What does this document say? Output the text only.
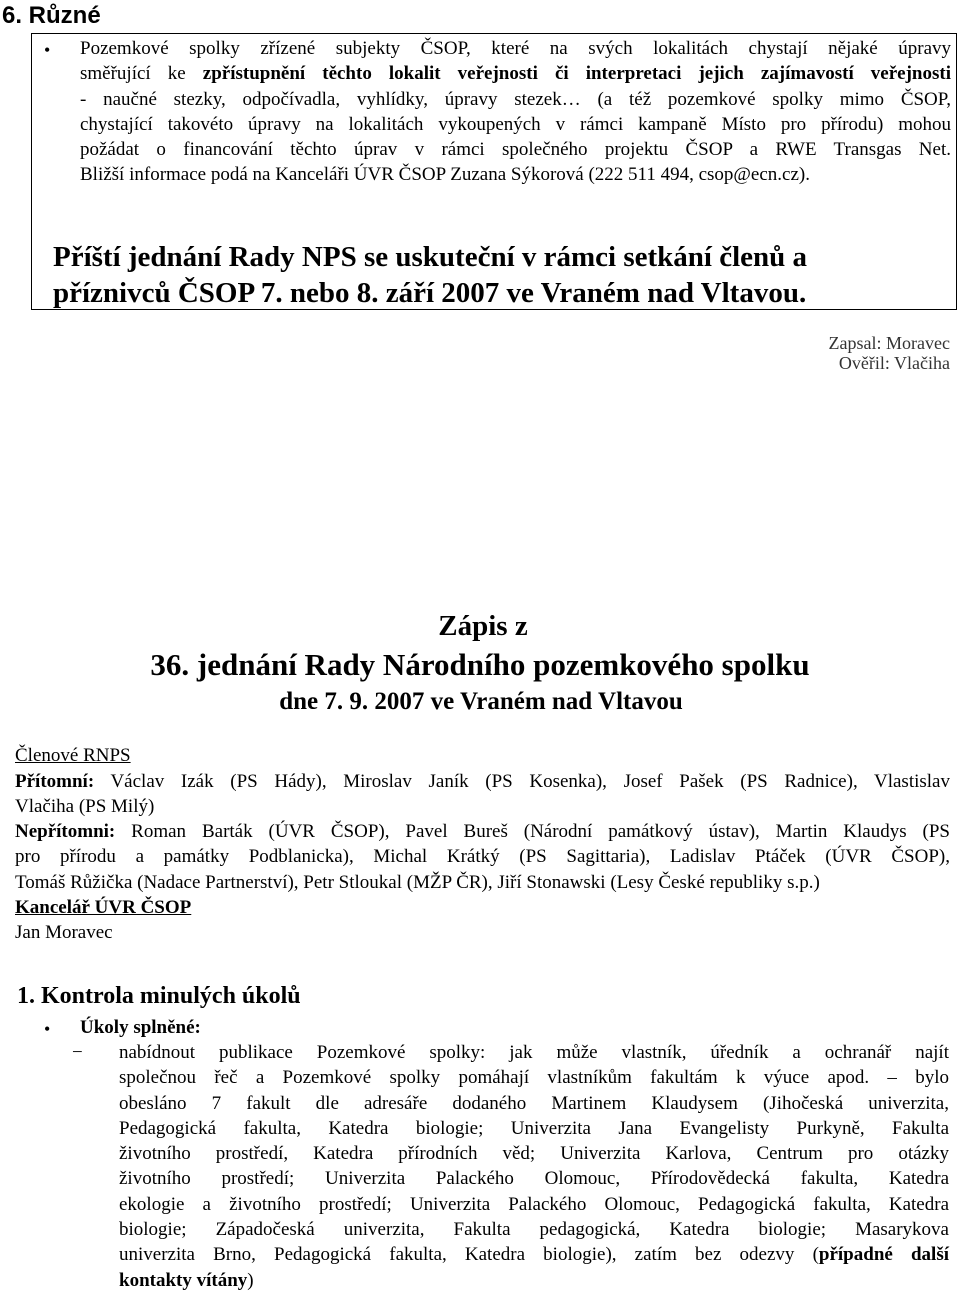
6. Různé
• Pozemkové spolky zřízené subjekty ČSOP, které na svých lokalitách chystají nějaké úpravy
směřující ke zpřístupnění těchto lokalit veřejnosti či interpretaci jejich zajímavostí veřejnosti
- naučné stezky, odpočívadla, vyhlídky, úpravy stezek… (a též pozemkové spolky mimo ČSOP,
chystající takovéto úpravy na lokalitách vykoupených v rámci kampaně Místo pro přírodu) mohou
požádat o financování těchto úprav v rámci společného projektu ČSOP a RWE Transgas Net.
Bližší informace podá na Kanceláři ÚVR ČSOP Zuzana Sýkorová (222 511 494, csop@ecn.cz).
Příští jednání Rady NPS se uskuteční v rámci setkání členů a
příznivců ČSOP 7. nebo 8. září 2007 ve Vraném nad Vltavou.
Zapsal: Moravec
Ověřil: Vlačiha
Zápis z
36. jednání Rady Národního pozemkového spolku
dne 7. 9. 2007 ve Vraném nad Vltavou
Členové RNPS
Přítomní: Václav Izák (PS Hády), Miroslav Janík (PS Kosenka), Josef Pašek (PS Radnice), Vlastislav
Vlačiha (PS Milý)
Nepřítomni: Roman Barták (ÚVR ČSOP), Pavel Bureš (Národní památkový ústav), Martin Klaudys (PS
pro přírodu a památky Podblanicka), Michal Krátký (PS Sagittaria), Ladislav Ptáček (ÚVR ČSOP),
Tomáš Růžička (Nadace Partnerství), Petr Stloukal (MŽP ČR), Jiří Stonawski (Lesy České republiky s.p.)
Kancelář ÚVR ČSOP
Jan Moravec
1. Kontrola minulých úkolů
• Úkoly splněné:
− nabídnout publikace Pozemkové spolky: jak může vlastník, úředník a ochranář najít
společnou řeč a Pozemkové spolky pomáhají vlastníkům fakultám k výuce apod. – bylo
obesláno 7 fakult dle adresáře dodaného Martinem Klaudysem (Jihočeská univerzita,
Pedagogická fakulta, Katedra biologie; Univerzita Jana Evangelisty Purkyně, Fakulta
životního prostředí, Katedra přírodních věd; Univerzita Karlova, Centrum pro otázky
životního prostředí; Univerzita Palackého Olomouc, Přírodovědecká fakulta, Katedra
ekologie a životního prostředí; Univerzita Palackého Olomouc, Pedagogická fakulta, Katedra
biologie; Západočeská univerzita, Fakulta pedagogická, Katedra biologie; Masarykova
univerzita Brno, Pedagogická fakulta, Katedra biologie), zatím bez odezvy (případné další
kontakty vítány)
